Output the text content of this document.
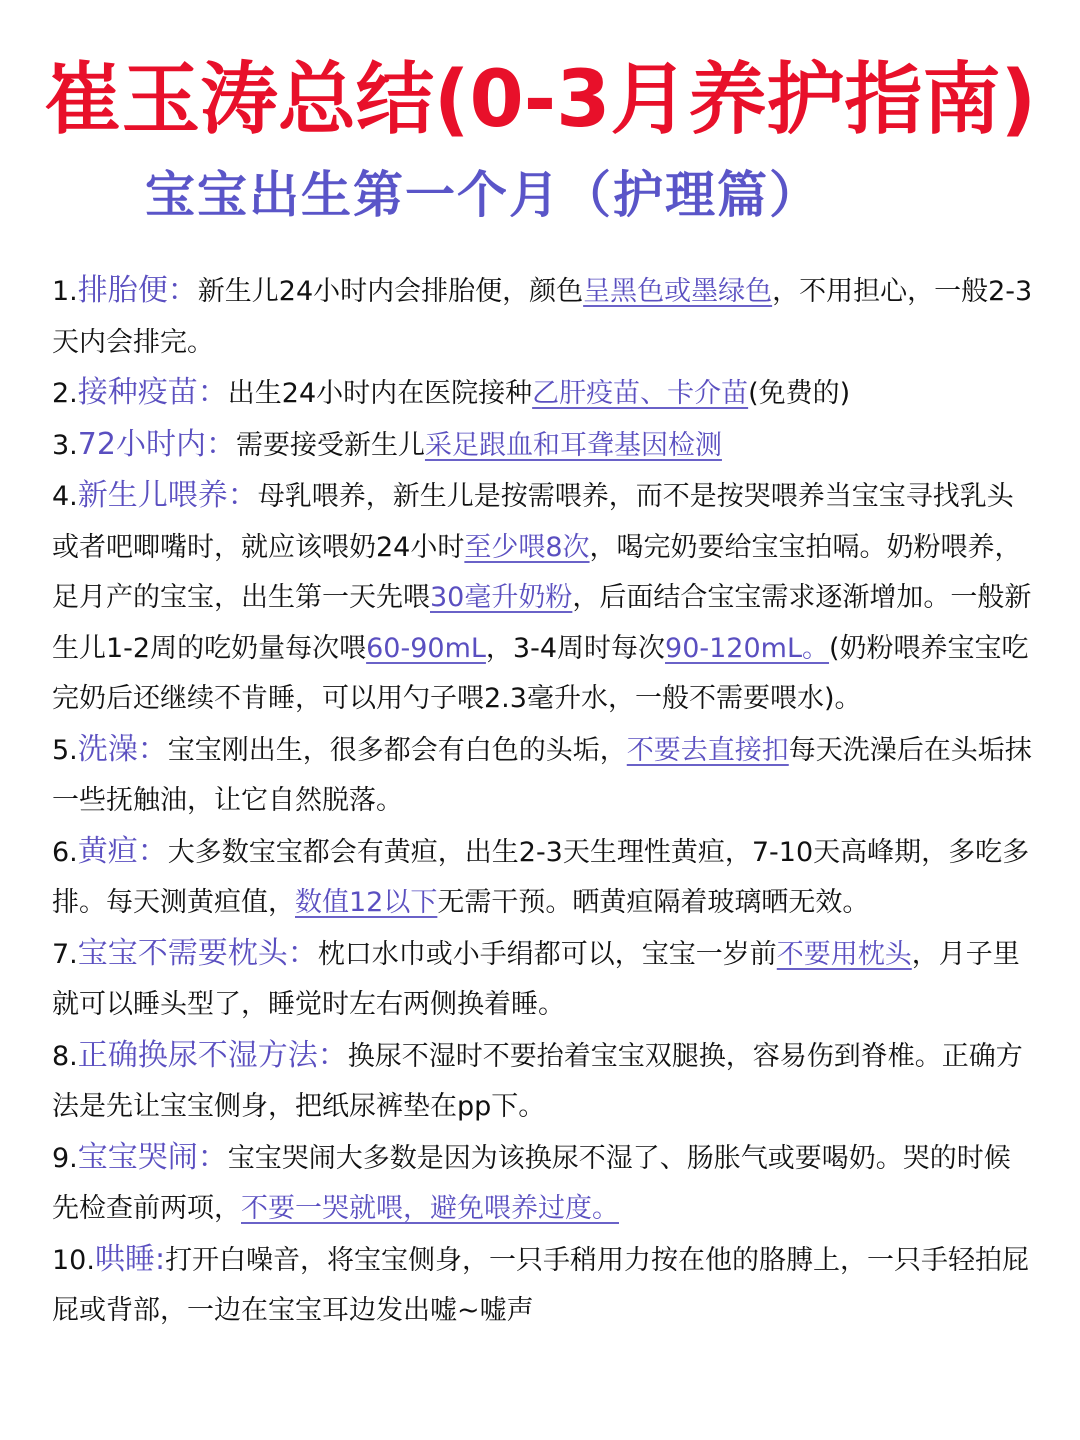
崔玉涛总结(0-3月养护指南)
宝宝出生第一个月（护理篇）

1.排胎便：新生儿24小时内会排胎便，颜色呈黑色或墨绿色，不用担心，一般2-3天内会排完。

2.接种疫苗：出生24小时内在医院接种乙肝疫苗、卡介苗(免费的)

3.72小时内：需要接受新生儿采足跟血和耳聋基因检测

4.新生儿喂养：母乳喂养，新生儿是按需喂养，而不是按哭喂养当宝宝寻找乳头或者吧唧嘴时，就应该喂奶24小时至少喂8次，喝完奶要给宝宝拍嗝。奶粉喂养，足月产的宝宝，出生第一天先喂30毫升奶粉，后面结合宝宝需求逐渐增加。一般新生儿1-2周的吃奶量每次喂60-90mL，3-4周时每次90-120mL。(奶粉喂养宝宝吃完奶后还继续不肯睡，可以用勺子喂2.3毫升水，一般不需要喂水)。

5.洗澡：宝宝刚出生，很多都会有白色的头垢，不要去直接扣每天洗澡后在头垢抹一些抚触油，让它自然脱落。

6.黄疸：大多数宝宝都会有黄疸，出生2-3天生理性黄疸，7-10天高峰期，多吃多排。每天测黄疸值，数值12以下无需干预。晒黄疸隔着玻璃晒无效。

7.宝宝不需要枕头：枕口水巾或小手绢都可以，宝宝一岁前不要用枕头，月子里就可以睡头型了，睡觉时左右两侧换着睡。

8.正确换尿不湿方法：换尿不湿时不要抬着宝宝双腿换，容易伤到脊椎。正确方法是先让宝宝侧身，把纸尿裤垫在pp下。

9.宝宝哭闹：宝宝哭闹大多数是因为该换尿不湿了、肠胀气或要喝奶。哭的时候先检查前两项，不要一哭就喂，避免喂养过度。

10.哄睡:打开白噪音，将宝宝侧身，一只手稍用力按在他的胳膊上，一只手轻拍屁屁或背部，一边在宝宝耳边发出嘘~嘘声
